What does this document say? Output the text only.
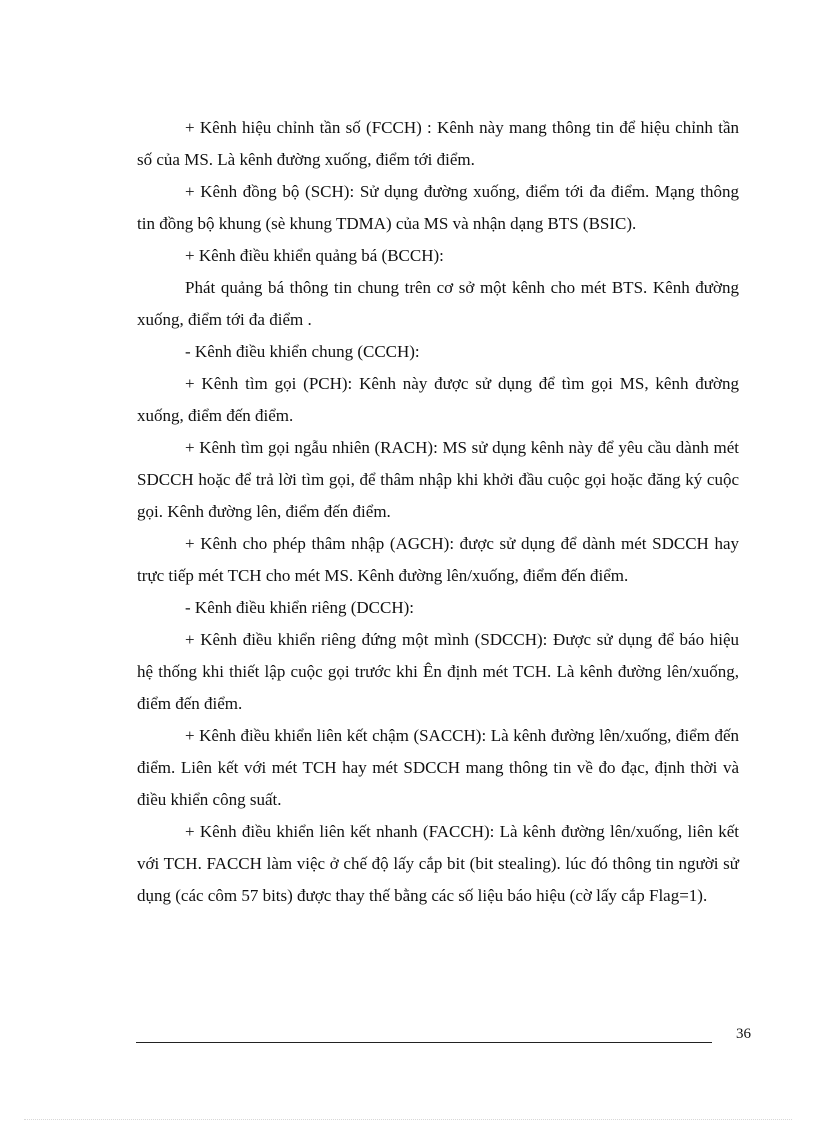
+ Kênh hiệu chỉnh tần số (FCCH) : Kênh này mang thông tin để hiệu chỉnh tần số của MS. Là kênh đường xuống, điểm tới điểm.

+ Kênh đồng bộ (SCH): Sử dụng đường xuống, điểm tới đa điểm. Mạng thông tin đồng bộ khung (sè khung TDMA) của MS và nhận dạng BTS (BSIC).

+ Kênh điều khiển quảng bá (BCCH):

Phát quảng bá thông tin chung trên cơ sở một kênh cho mét BTS. Kênh đường xuống, điểm tới đa điểm .

- Kênh điều khiển chung (CCCH):

+ Kênh tìm gọi (PCH): Kênh này được sử dụng để tìm gọi MS, kênh đường xuống, điểm đến điểm.

+ Kênh tìm gọi ngẫu nhiên (RACH): MS sử dụng kênh này để yêu cầu dành mét SDCCH hoặc để trả lời tìm gọi, để thâm nhập khi khởi đầu cuộc gọi hoặc đăng ký cuộc gọi. Kênh đường lên, điểm đến điểm.

+ Kênh cho phép thâm nhập (AGCH): được sử dụng để dành mét SDCCH hay trực tiếp mét TCH cho mét MS. Kênh đường lên/xuống, điểm đến điểm.

- Kênh điều khiển riêng (DCCH):

+ Kênh điều khiển riêng đứng một mình (SDCCH): Được sử dụng để báo hiệu hệ thống khi thiết lập cuộc gọi trước khi Ên định mét TCH. Là kênh đường lên/xuống, điểm đến điểm.

+ Kênh điều khiển liên kết chậm (SACCH): Là kênh đường lên/xuống, điểm đến điểm. Liên kết với mét TCH hay mét SDCCH mang thông tin về đo đạc, định thời và điều khiển công suất.

+ Kênh điều khiển liên kết nhanh (FACCH): Là kênh đường lên/xuống, liên kết với TCH. FACCH làm việc ở chế độ lấy cắp bit (bit stealing). lúc đó thông tin người sử dụng (các côm 57 bits) được thay thế bằng các số liệu báo hiệu (cờ lấy cắp Flag=1).

36
